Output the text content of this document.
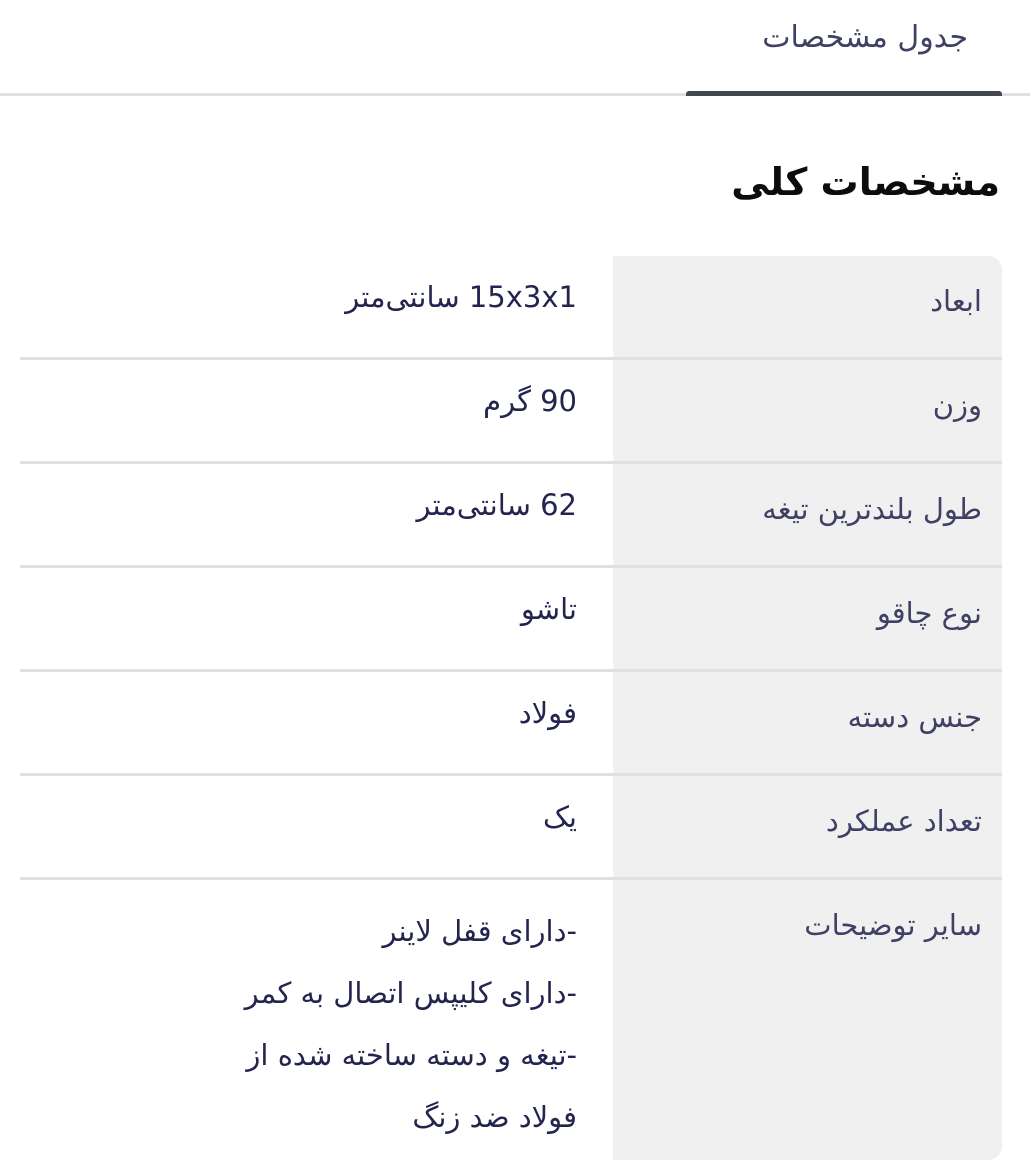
جدول مشخصات
مشخصات کلی
ابعاد
15x3x1 سانتی‌متر
وزن
90 گرم
طول بلندترین تیغه
62 سانتی‌متر
نوع چاقو
تاشو
جنس دسته
فولاد
تعداد عملکرد
یک
سایر توضیحات
-دارای قفل لاینر
-دارای کلیپس اتصال به کمر
-تیغه و دسته ساخته شده از
فولاد ضد زنگ
